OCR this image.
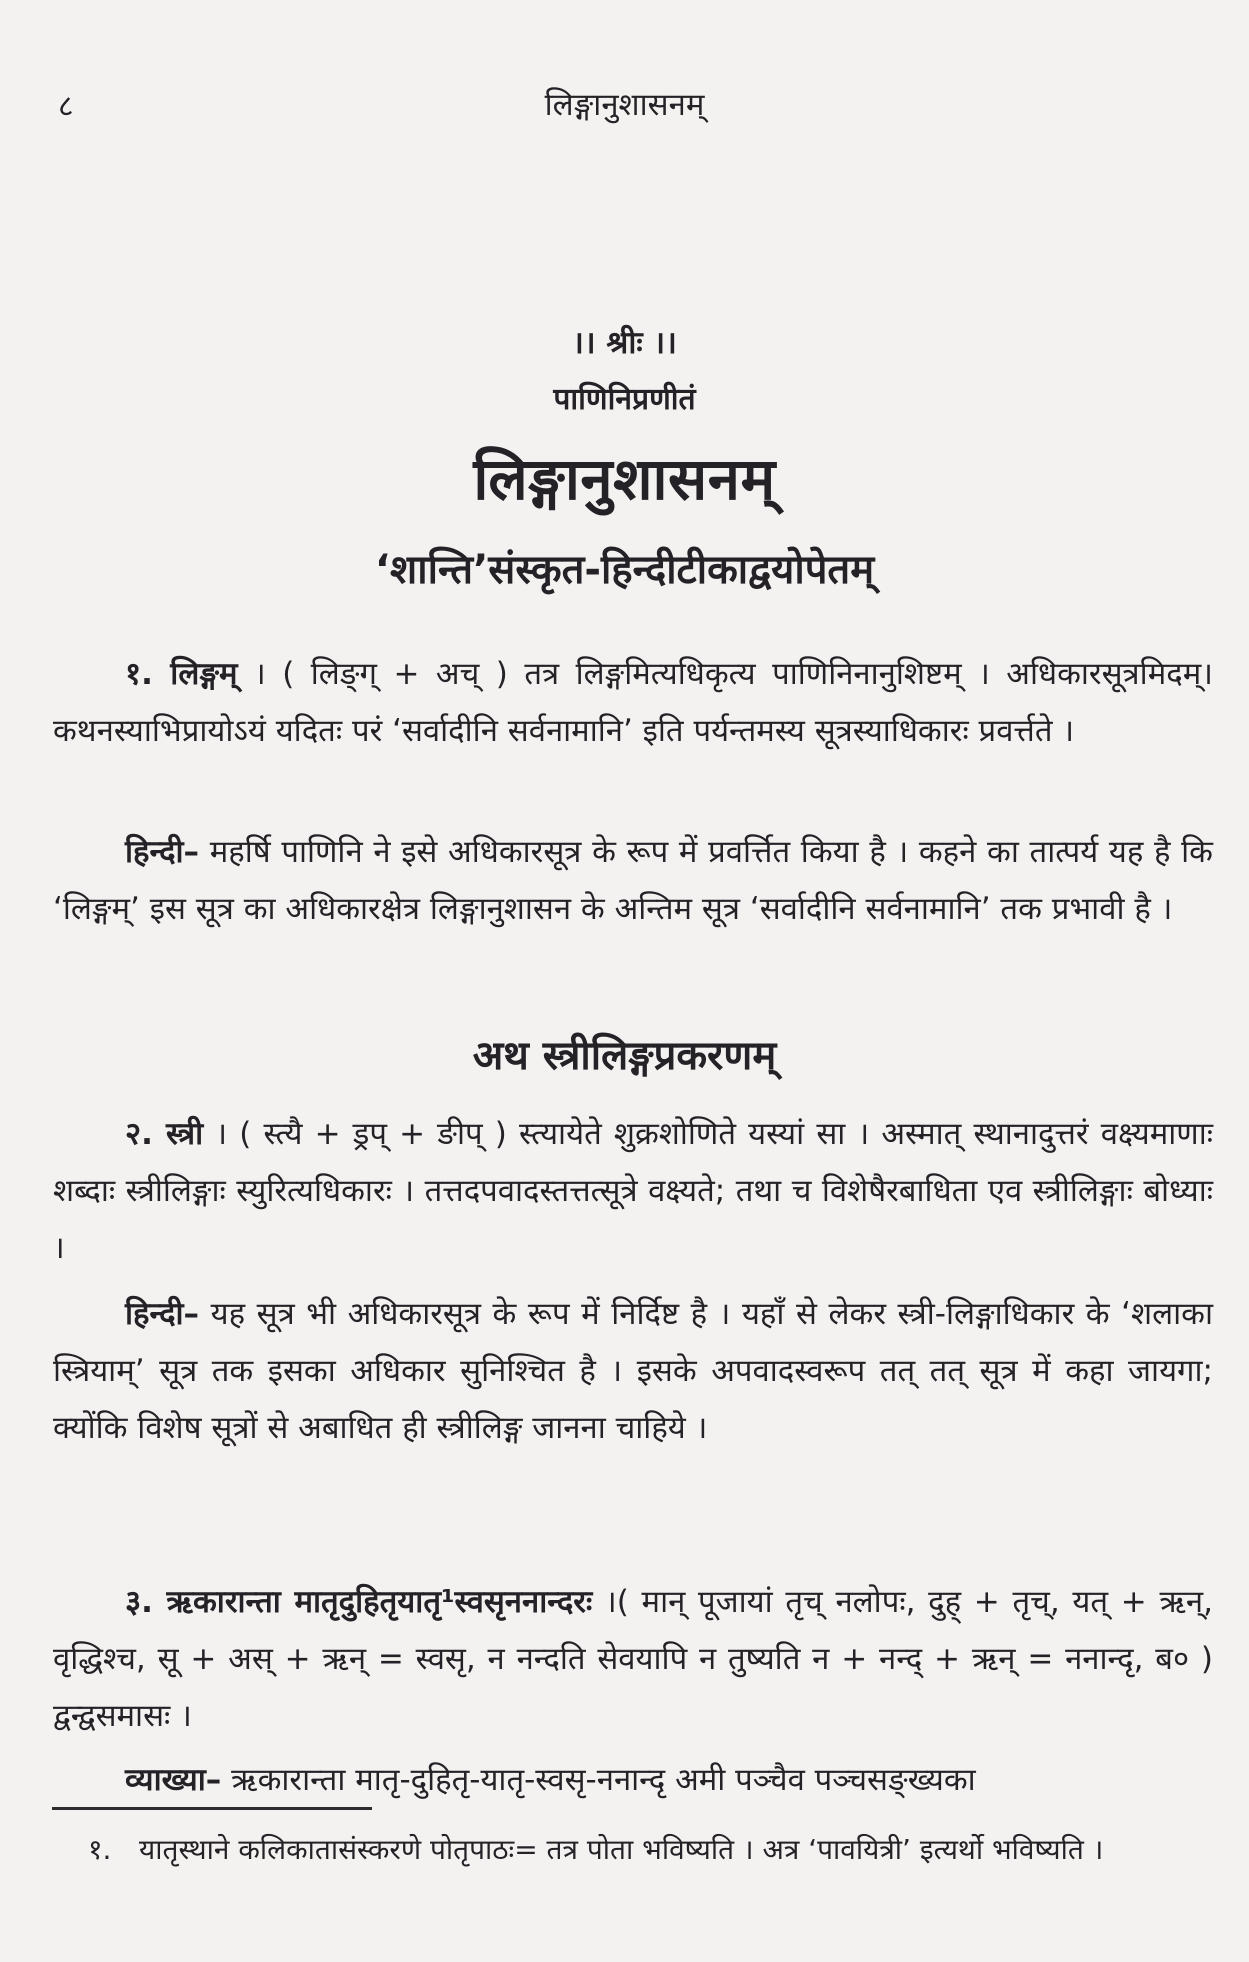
८	लिङ्गानुशासनम्
।। श्रीः ।।
पाणिनिप्रणीतं
लिङ्गानुशासनम्
‘शान्ति’संस्कृत-हिन्दीटीकाद्वयोपेतम्

१. लिङ्गम् । ( लिङ्ग् + अच् ) तत्र लिङ्गमित्यधिकृत्य पाणिनिनानुशिष्टम् । अधिकारसूत्रमिदम्। कथनस्याभिप्रायोऽयं यदितः परं ‘सर्वादीनि सर्वनामानि’ इति पर्यन्तमस्य सूत्रस्याधिकारः प्रवर्त्तते ।

हिन्दी– महर्षि पाणिनि ने इसे अधिकारसूत्र के रूप में प्रवर्त्तित किया है । कहने का तात्पर्य यह है कि ‘लिङ्गम्’ इस सूत्र का अधिकारक्षेत्र लिङ्गानुशासन के अन्तिम सूत्र ‘सर्वादीनि सर्वनामानि’ तक प्रभावी है ।

अथ स्त्रीलिङ्गप्रकरणम्

२. स्त्री । ( स्त्यै + ड्रप् + ङीप् ) स्त्यायेते शुक्रशोणिते यस्यां सा । अस्मात् स्थानादुत्तरं वक्ष्यमाणाः शब्दाः स्त्रीलिङ्गाः स्युरित्यधिकारः । तत्तदपवादस्तत्तत्सूत्रे वक्ष्यते; तथा च विशेषैरबाधिता एव स्त्रीलिङ्गाः बोध्याः ।

हिन्दी– यह सूत्र भी अधिकारसूत्र के रूप में निर्दिष्ट है । यहाँ से लेकर स्त्री-लिङ्गाधिकार के ‘शलाका स्त्रियाम्’ सूत्र तक इसका अधिकार सुनिश्चित है । इसके अपवादस्वरूप तत् तत् सूत्र में कहा जायगा; क्योंकि विशेष सूत्रों से अबाधित ही स्त्रीलिङ्ग जानना चाहिये ।

३. ऋकारान्ता मातृदुहितृयातृ¹स्वसृननान्दरः ।( मान् पूजायां तृच् नलोपः, दुह् + तृच्, यत् + ऋन्, वृद्धिश्च, सू + अस् + ऋन् = स्वसृ, न नन्दति सेवयापि न तुष्यति न + नन्द् + ऋन् = ननान्दृ, ब० ) द्वन्द्वसमासः ।

व्याख्या– ऋकारान्ता मातृ-दुहितृ-यातृ-स्वसृ-ननान्दृ अमी पञ्चैव पञ्चसङ्ख्यका

१. यातृस्थाने कलिकातासंस्करणे पोतृपाठः= तत्र पोता भविष्यति । अत्र ‘पावयित्री’ इत्यर्थो भविष्यति ।
